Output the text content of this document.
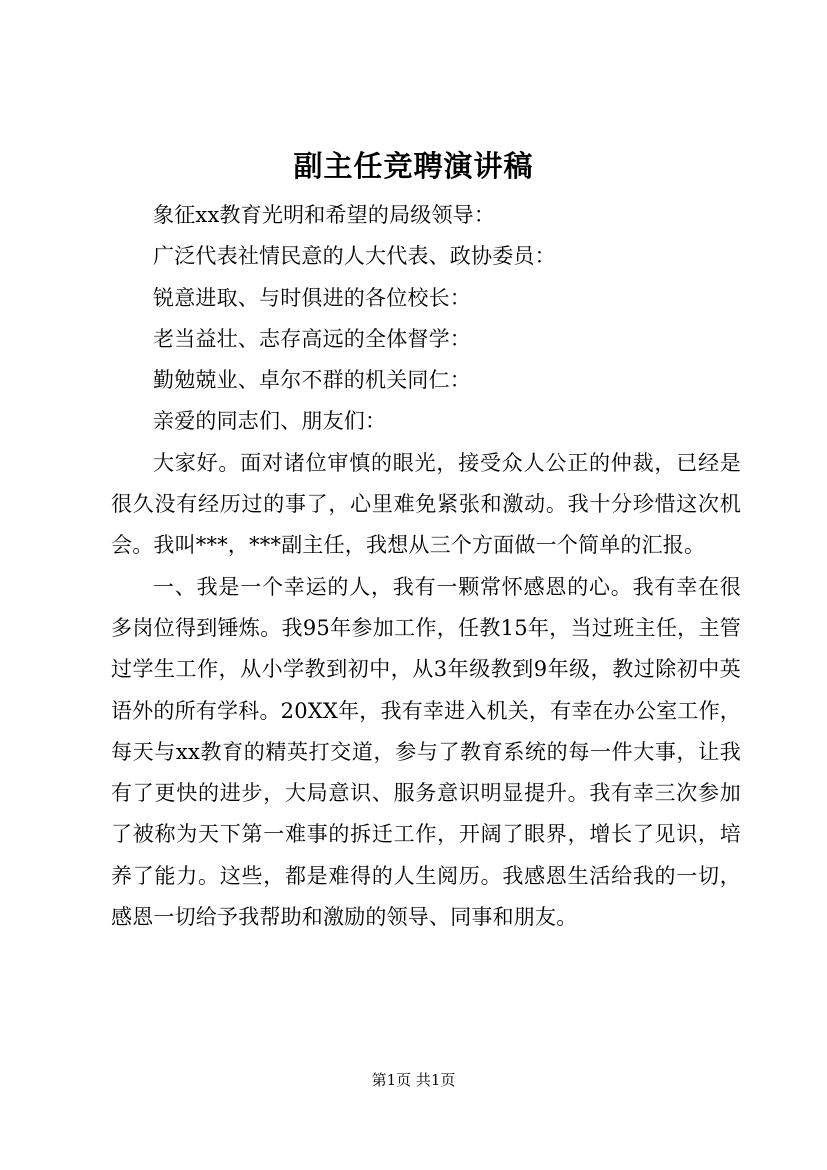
副主任竞聘演讲稿
象征xx教育光明和希望的局级领导：
广泛代表社情民意的人大代表、政协委员：
锐意进取、与时俱进的各位校长：
老当益壮、志存高远的全体督学：
勤勉兢业、卓尔不群的机关同仁：
亲爱的同志们、朋友们：

大家好。面对诸位审慎的眼光，接受众人公正的仲裁，已经是很久没有经历过的事了，心里难免紧张和激动。我十分珍惜这次机会。我叫***，***副主任，我想从三个方面做一个简单的汇报。

一、我是一个幸运的人，我有一颗常怀感恩的心。我有幸在很多岗位得到锤炼。我95年参加工作，任教15年，当过班主任，主管过学生工作，从小学教到初中，从3年级教到9年级，教过除初中英语外的所有学科。20XX年，我有幸进入机关，有幸在办公室工作，每天与xx教育的精英打交道，参与了教育系统的每一件大事，让我有了更快的进步，大局意识、服务意识明显提升。我有幸三次参加了被称为天下第一难事的拆迁工作，开阔了眼界，增长了见识，培养了能力。这些，都是难得的人生阅历。我感恩生活给我的一切，感恩一切给予我帮助和激励的领导、同事和朋友。

第1页 共1页
